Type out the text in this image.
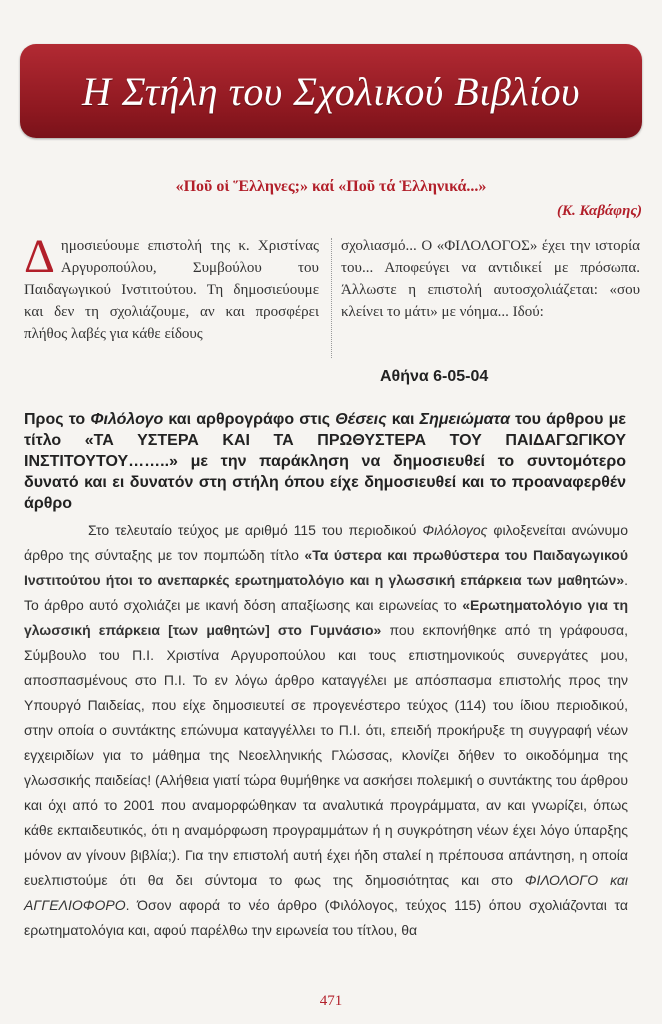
Η Στήλη του Σχολικού Βιβλίου
«Ποῦ οἱ Ἕλληνες;» καί «Ποῦ τά Ἑλληνικά...»
(Κ. Καβάφης)
Δημοσιεύουμε επιστολή της κ. Χριστίνας Αργυροπούλου, Συμβούλου του Παιδαγωγικού Ινστιτούτου. Τη δημοσιεύουμε και δεν τη σχολιάζουμε, αν και προσφέρει πλήθος λαβές για κάθε είδους
σχολιασμό... Ο «ΦΙΛΟΛΟΓΟΣ» έχει την ιστορία του... Αποφεύγει να αντιδικεί με πρόσωπα. Άλλωστε η επιστολή αυτοσχολιάζεται: «σου κλείνει το μάτι» με νόημα... Ιδού:
Αθήνα 6-05-04
Προς το Φιλόλογο και αρθρογράφο στις Θέσεις και Σημειώματα του άρθρου με τίτλο «ΤΑ ΥΣΤΕΡΑ ΚΑΙ ΤΑ ΠΡΩΘΥΣΤΕΡΑ ΤΟΥ ΠΑΙΔΑΓΩΓΙΚΟΥ ΙΝΣΤΙΤΟΥΤΟΥ……..» με την παράκληση να δημοσιευθεί το συντομότερο δυνατό και ει δυνατόν στη στήλη όπου είχε δημοσιευθεί και το προαναφερθέν άρθρο
Στο τελευταίο τεύχος με αριθμό 115 του περιοδικού Φιλόλογος φιλοξενείται ανώνυμο άρθρο της σύνταξης με τον πομπώδη τίτλο «Τα ύστερα και πρωθύστερα του Παιδαγωγικού Ινστιτούτου ήτοι το ανεπαρκές ερωτηματολόγιο και η γλωσσική επάρκεια των μαθητών». Το άρθρο αυτό σχολιάζει με ικανή δόση απαξίωσης και ειρωνείας το «Ερωτηματολόγιο για τη γλωσσική επάρκεια [των μαθητών] στο Γυμνάσιο» που εκπονήθηκε από τη γράφουσα, Σύμβουλο του Π.Ι. Χριστίνα Αργυροπούλου και τους επιστημονικούς συνεργάτες μου, αποσπασμένους στο Π.Ι. Το εν λόγω άρθρο καταγγέλει με απόσπασμα επιστολής προς την Υπουργό Παιδείας, που είχε δημοσιευτεί σε προγενέστερο τεύχος (114) του ίδιου περιοδικού, στην οποία ο συντάκτης επώνυμα καταγγέλλει το Π.Ι. ότι, επειδή προκήρυξε τη συγγραφή νέων εγχειριδίων για το μάθημα της Νεοελληνικής Γλώσσας, κλονίζει δήθεν το οικοδόμημα της γλωσσικής παιδείας! (Αλήθεια γιατί τώρα θυμήθηκε να ασκήσει πολεμική ο συντάκτης του άρθρου και όχι από το 2001 που αναμορφώθηκαν τα αναλυτικά προγράμματα, αν και γνωρίζει, όπως κάθε εκπαιδευτικός, ότι η αναμόρφωση προγραμμάτων ή η συγκρότηση νέων έχει λόγο ύπαρξης μόνον αν γίνουν βιβλία;). Για την επιστολή αυτή έχει ήδη σταλεί η πρέπουσα απάντηση, η οποία ευελπιστούμε ότι θα δει σύντομα το φως της δημοσιότητας και στο ΦΙΛΟΛΟΓΟ και ΑΓΓΕΛΙΟΦΟΡΟ. Όσον αφορά το νέο άρθρο (Φιλόλογος, τεύχος 115) όπου σχολιάζονται τα ερωτηματολόγια και, αφού παρέλθω την ειρωνεία του τίτλου, θα
471
